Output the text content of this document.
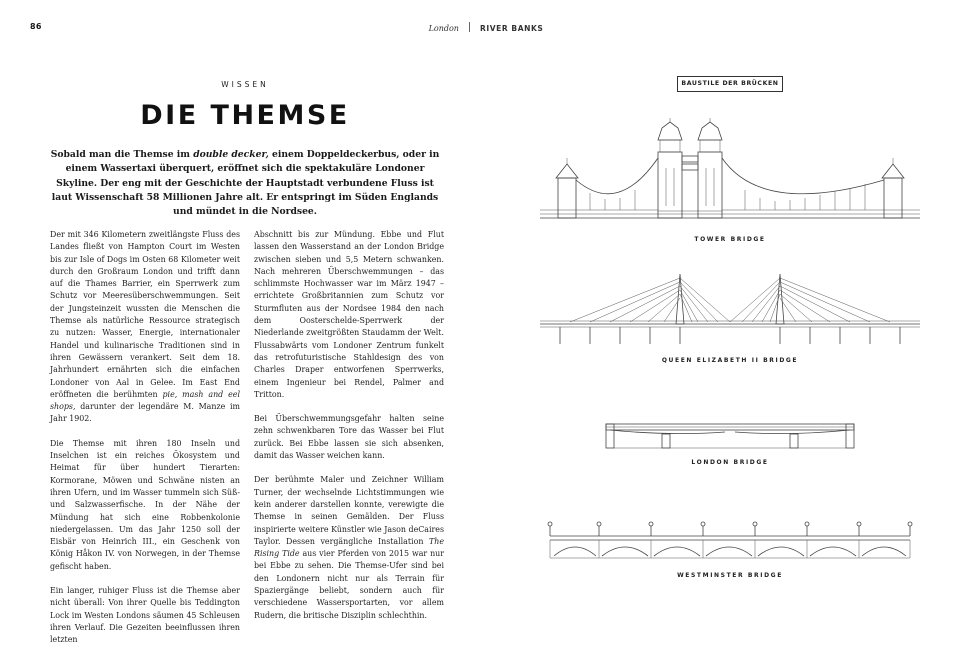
86	London	RIVER BANKS
WISSEN
DIE THEMSE
Sobald man die Themse im double decker, einem Doppeldeckerbus, oder in einem Wassertaxi überquert, eröffnet sich die spektakuläre Londoner Skyline. Der eng mit der Geschichte der Hauptstadt verbundene Fluss ist laut Wissenschaft 58 Millionen Jahre alt. Er entspringt im Süden Englands und mündet in die Nordsee.

Der mit 346 Kilometern zweitlängste Fluss des Landes fließt von Hampton Court im Westen bis zur Isle of Dogs im Osten 68 Kilometer weit durch den Großraum London und trifft dann auf die Thames Barrier, ein Sperrwerk zum Schutz vor Meeresüberschwemmungen. Seit der Jungsteinzeit wussten die Menschen die Themse als natürliche Ressource strategisch zu nutzen: Wasser, Energie, internationaler Handel und kulinarische Traditionen sind in ihren Gewässern verankert. Seit dem 18. Jahrhundert ernährten sich die einfachen Londoner von Aal in Gelee. Im East End eröffneten die berühmten pie, mash and eel shops, darunter der legendäre M. Manze im Jahr 1902.

Die Themse mit ihren 180 Inseln und Inselchen ist ein reiches Ökosystem und Heimat für über hundert Tierarten: Kormorane, Möwen und Schwäne nisten an ihren Ufern, und im Wasser tummeln sich Süß- und Salzwasserfische. In der Nähe der Mündung hat sich eine Robbenkolonie niedergelassen. Um das Jahr 1250 soll der Eisbär von Heinrich III., ein Geschenk von König Håkon IV. von Norwegen, in der Themse gefischt haben.

Ein langer, ruhiger Fluss ist die Themse aber nicht überall: Von ihrer Quelle bis Teddington Lock im Westen Londons säumen 45 Schleusen ihren Verlauf. Die Gezeiten beeinflussen ihren letzten

Abschnitt bis zur Mündung. Ebbe und Flut lassen den Wasserstand an der London Bridge zwischen sieben und 5,5 Metern schwanken. Nach mehreren Überschwemmungen – das schlimmste Hochwasser war im März 1947 – errichtete Großbritannien zum Schutz vor Sturmfluten aus der Nordsee 1984 den nach dem Oosterschelde-Sperrwerk der Niederlande zweitgrößten Staudamm der Welt. Flussabwärts vom Londoner Zentrum funkelt das retrofuturistische Stahldesign des von Charles Draper entworfenen Sperrwerks, einem Ingenieur bei Rendel, Palmer and Tritton.

Bei Überschwemmungsgefahr halten seine zehn schwenkbaren Tore das Wasser bei Flut zurück. Bei Ebbe lassen sie sich absenken, damit das Wasser weichen kann.

Der berühmte Maler und Zeichner William Turner, der wechselnde Lichtstimmungen wie kein anderer darstellen konnte, verewigte die Themse in seinen Gemälden. Der Fluss inspirierte weitere Künstler wie Jason deCaires Taylor. Dessen vergängliche Installation The Rising Tide aus vier Pferden von 2015 war nur bei Ebbe zu sehen. Die Themse-Ufer sind bei den Londonern nicht nur als Terrain für Spaziergänge beliebt, sondern auch für verschiedene Wassersportarten, vor allem Rudern, die britische Disziplin schlechthin.

BAUSTILE DER BRÜCKEN
TOWER BRIDGE
QUEEN ELIZABETH II BRIDGE
LONDON BRIDGE
WESTMINSTER BRIDGE
